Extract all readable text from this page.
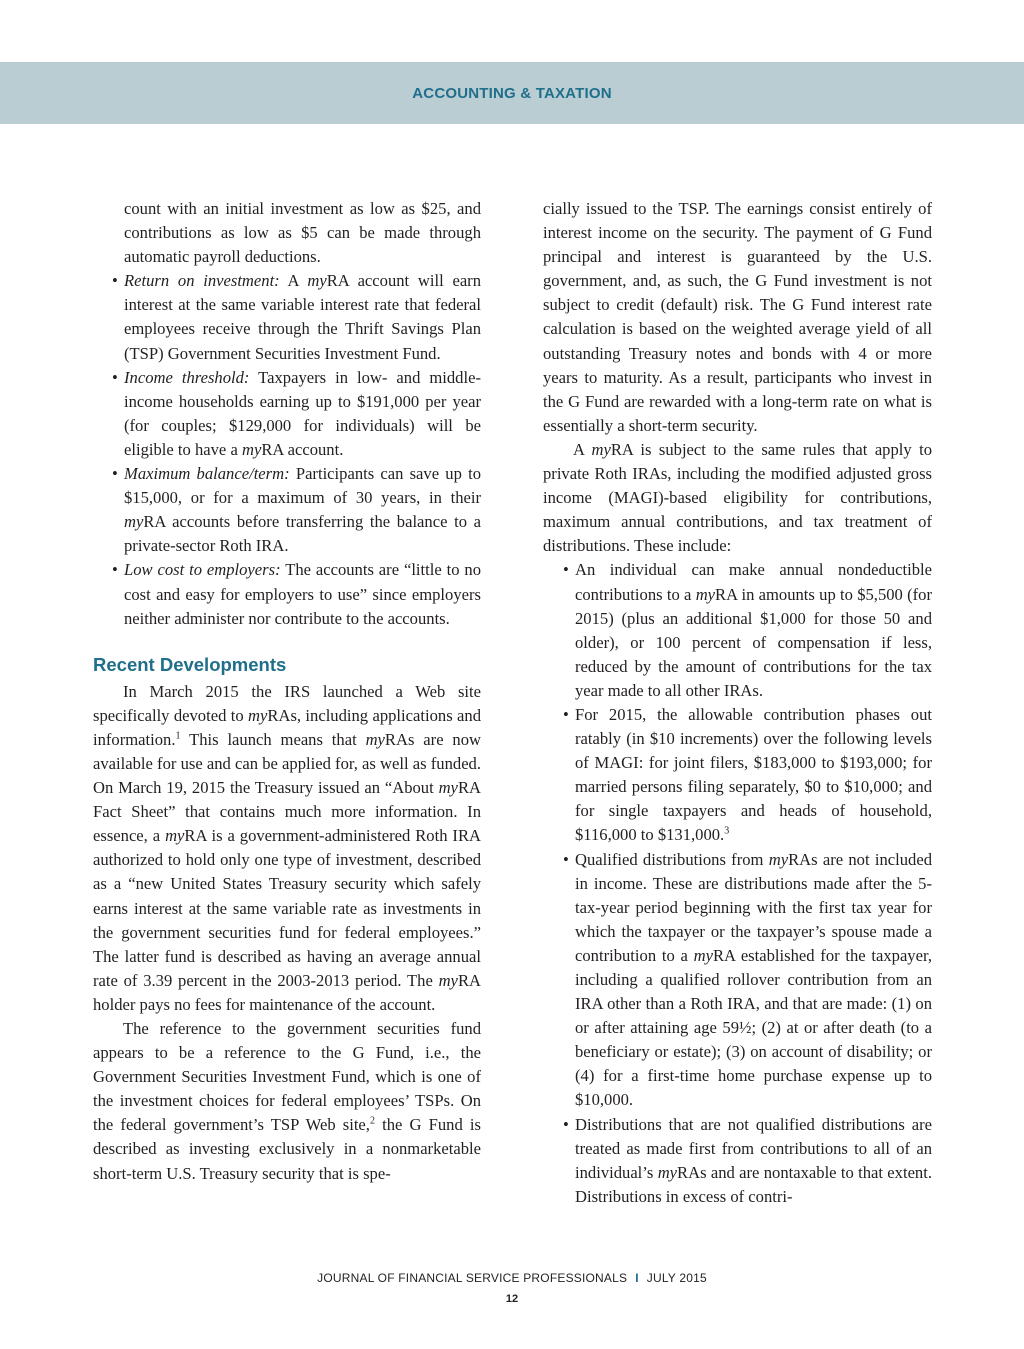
ACCOUNTING & TAXATION

count with an initial investment as low as $25, and contributions as low as $5 can be made through automatic payroll deductions.

• Return on investment: A myRA account will earn interest at the same variable interest rate that federal employees receive through the Thrift Savings Plan (TSP) Government Securities Investment Fund.
• Income threshold: Taxpayers in low- and middle-income households earning up to $191,000 per year (for couples; $129,000 for individuals) will be eligible to have a myRA account.
• Maximum balance/term: Participants can save up to $15,000, or for a maximum of 30 years, in their myRA accounts before transferring the balance to a private-sector Roth IRA.
• Low cost to employers: The accounts are “little to no cost and easy for employers to use” since employers neither administer nor contribute to the accounts.
Recent Developments

In March 2015 the IRS launched a Web site specifically devoted to myRAs, including applications and information.$^1$ This launch means that myRAs are now available for use and can be applied for, as well as funded. On March 19, 2015 the Treasury issued an “About myRA Fact Sheet” that contains much more information. In essence, a myRA is a government-administered Roth IRA authorized to hold only one type of investment, described as a “new United States Treasury security which safely earns interest at the same variable rate as investments in the government securities fund for federal employees.” The latter fund is described as having an average annual rate of 3.39 percent in the 2003-2013 period. The myRA holder pays no fees for maintenance of the account.

The reference to the government securities fund appears to be a reference to the G Fund, i.e., the Government Securities Investment Fund, which is one of the investment choices for federal employees’ TSPs. On the federal government’s TSP Web site,$^2$ the G Fund is described as investing exclusively in a nonmarketable short-term U.S. Treasury security that is spe-

cially issued to the TSP. The earnings consist entirely of interest income on the security. The payment of G Fund principal and interest is guaranteed by the U.S. government, and, as such, the G Fund investment is not subject to credit (default) risk. The G Fund interest rate calculation is based on the weighted average yield of all outstanding Treasury notes and bonds with 4 or more years to maturity. As a result, participants who invest in the G Fund are rewarded with a long-term rate on what is essentially a short-term security.

A myRA is subject to the same rules that apply to private Roth IRAs, including the modified adjusted gross income (MAGI)-based eligibility for contributions, maximum annual contributions, and tax treatment of distributions. These include:

• An individual can make annual nondeductible contributions to a myRA in amounts up to $5,500 (for 2015) (plus an additional $1,000 for those 50 and older), or 100 percent of compensation if less, reduced by the amount of contributions for the tax year made to all other IRAs.
• For 2015, the allowable contribution phases out ratably (in $10 increments) over the following levels of MAGI: for joint filers, $183,000 to $193,000; for married persons filing separately, $0 to $10,000; and for single taxpayers and heads of household, $116,000 to $131,000.$^3$
• Qualified distributions from myRAs are not included in income. These are distributions made after the 5-tax-year period beginning with the first tax year for which the taxpayer or the taxpayer’s spouse made a contribution to a myRA established for the taxpayer, including a qualified rollover contribution from an IRA other than a Roth IRA, and that are made: (1) on or after attaining age 59½; (2) at or after death (to a beneficiary or estate); (3) on account of disability; or (4) for a first-time home purchase expense up to $10,000.
• Distributions that are not qualified distributions are treated as made first from contributions to all of an individual’s myRAs and are nontaxable to that extent. Distributions in excess of contri-
JOURNAL OF FINANCIAL SERVICE PROFESSIONALS I JULY 2015
12
